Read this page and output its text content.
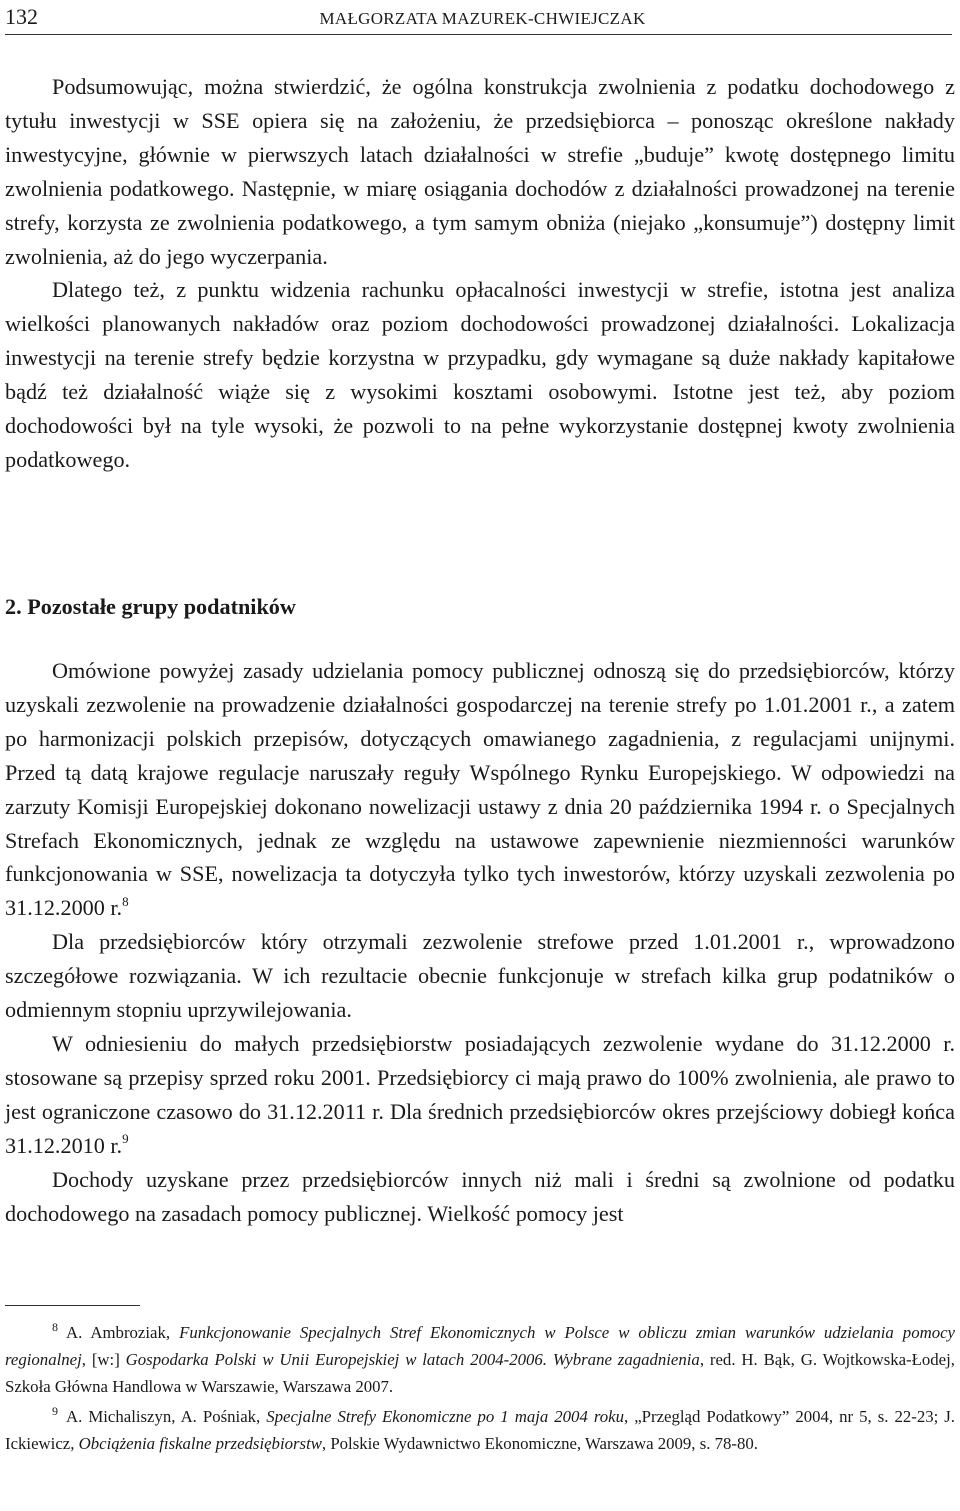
132	MAŁGORZATA MAZUREK-CHWIEJCZAK

Podsumowując, można stwierdzić, że ogólna konstrukcja zwolnienia z podatku dochodowego z tytułu inwestycji w SSE opiera się na założeniu, że przedsiębiorca – ponosząc określone nakłady inwestycyjne, głównie w pierwszych latach działalności w strefie „buduje” kwotę dostępnego limitu zwolnienia podatkowego. Następnie, w miarę osiągania dochodów z działalności prowadzonej na terenie strefy, korzysta ze zwolnienia podatkowego, a tym samym obniża (niejako „konsumuje”) dostępny limit zwolnienia, aż do jego wyczerpania.

Dlatego też, z punktu widzenia rachunku opłacalności inwestycji w strefie, istotna jest analiza wielkości planowanych nakładów oraz poziom dochodowości prowadzonej działalności. Lokalizacja inwestycji na terenie strefy będzie korzystna w przypadku, gdy wymagane są duże nakłady kapitałowe bądź też działalność wiąże się z wysokimi kosztami osobowymi. Istotne jest też, aby poziom dochodowości był na tyle wysoki, że pozwoli to na pełne wykorzystanie dostępnej kwoty zwolnienia podatkowego.

2. Pozostałe grupy podatników

Omówione powyżej zasady udzielania pomocy publicznej odnoszą się do przedsiębiorców, którzy uzyskali zezwolenie na prowadzenie działalności gospodarczej na terenie strefy po 1.01.2001 r., a zatem po harmonizacji polskich przepisów, dotyczących omawianego zagadnienia, z regulacjami unijnymi. Przed tą datą krajowe regulacje naruszały reguły Wspólnego Rynku Europejskiego. W odpowiedzi na zarzuty Komisji Europejskiej dokonano nowelizacji ustawy z dnia 20 października 1994 r. o Specjalnych Strefach Ekonomicznych, jednak ze względu na ustawowe zapewnienie niezmienności warunków funkcjonowania w SSE, nowelizacja ta dotyczyła tylko tych inwestorów, którzy uzyskali zezwolenia po 31.12.2000 r.$^8$

Dla przedsiębiorców który otrzymali zezwolenie strefowe przed 1.01.2001 r., wprowadzono szczegółowe rozwiązania. W ich rezultacie obecnie funkcjonuje w strefach kilka grup podatników o odmiennym stopniu uprzywilejowania.

W odniesieniu do małych przedsiębiorstw posiadających zezwolenie wydane do 31.12.2000 r. stosowane są przepisy sprzed roku 2001. Przedsiębiorcy ci mają prawo do 100% zwolnienia, ale prawo to jest ograniczone czasowo do 31.12.2011 r. Dla średnich przedsiębiorców okres przejściowy dobiegł końca 31.12.2010 r.$^9$

Dochody uzyskane przez przedsiębiorców innych niż mali i średni są zwolnione od podatku dochodowego na zasadach pomocy publicznej. Wielkość pomocy jest

$^8$ A. Ambroziak, Funkcjonowanie Specjalnych Stref Ekonomicznych w Polsce w obliczu zmian warunków udzielania pomocy regionalnej, [w:] Gospodarka Polski w Unii Europejskiej w latach 2004-2006. Wybrane zagadnienia, red. H. Bąk, G. Wojtkowska-Łodej, Szkoła Główna Handlowa w Warszawie, Warszawa 2007.

$^9$ A. Michaliszyn, A. Pośniak, Specjalne Strefy Ekonomiczne po 1 maja 2004 roku, „Przegląd Podatkowy” 2004, nr 5, s. 22-23; J. Ickiewicz, Obciążenia fiskalne przedsiębiorstw, Polskie Wydawnictwo Ekonomiczne, Warszawa 2009, s. 78-80.
